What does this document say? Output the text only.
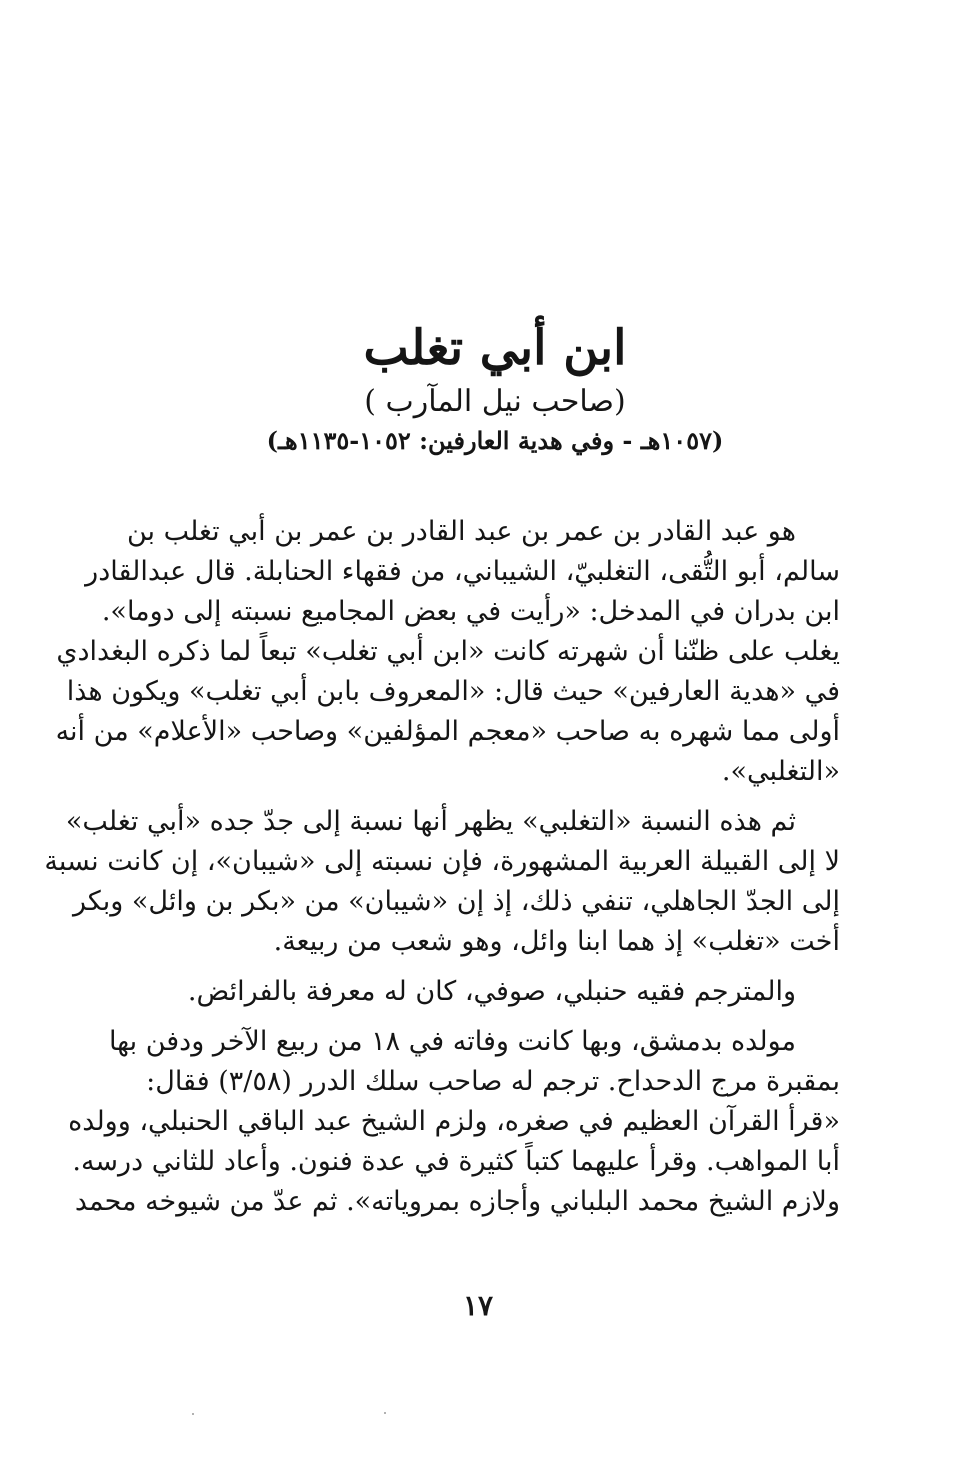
ابن أبي تغلب
(صاحب نيل المآرب )
(١٠٥٧هـ - وفي هدية العارفين: ١٠٥٢-١١٣٥هـ)

هو عبد القادر بن عمر بن عبد القادر بن عمر بن أبي تغلب بن
سالم، أبو التُّقى، التغلبيّ، الشيباني، من فقهاء الحنابلة. قال عبدالقادر
ابن بدران في المدخل: «رأيت في بعض المجاميع نسبته إلى دوما».
يغلب على ظنّنا أن شهرته كانت «ابن أبي تغلب» تبعاً لما ذكره البغدادي
في «هدية العارفين» حيث قال: «المعروف بابن أبي تغلب» ويكون هذا
أولى مما شهره به صاحب «معجم المؤلفين» وصاحب «الأعلام» من أنه
«التغلبي».

ثم هذه النسبة «التغلبي» يظهر أنها نسبة إلى جدّ جده «أبي تغلب»
لا إلى القبيلة العربية المشهورة، فإن نسبته إلى «شيبان»، إن كانت نسبة
إلى الجدّ الجاهلي، تنفي ذلك، إذ إن «شيبان» من «بكر بن وائل» وبكر
أخت «تغلب» إذ هما ابنا وائل، وهو شعب من ربيعة.

والمترجم فقيه حنبلي، صوفي، كان له معرفة بالفرائض.

مولده بدمشق، وبها كانت وفاته في ١٨ من ربيع الآخر ودفن بها
بمقبرة مرج الدحداح. ترجم له صاحب سلك الدرر (٣/٥٨) فقال:
«قرأ القرآن العظيم في صغره، ولزم الشيخ عبد الباقي الحنبلي، وولده
أبا المواهب. وقرأ عليهما كتباً كثيرة في عدة فنون. وأعاد للثاني درسه.
ولازم الشيخ محمد البلباني وأجازه بمروياته». ثم عدّ من شيوخه محمد

١٧
